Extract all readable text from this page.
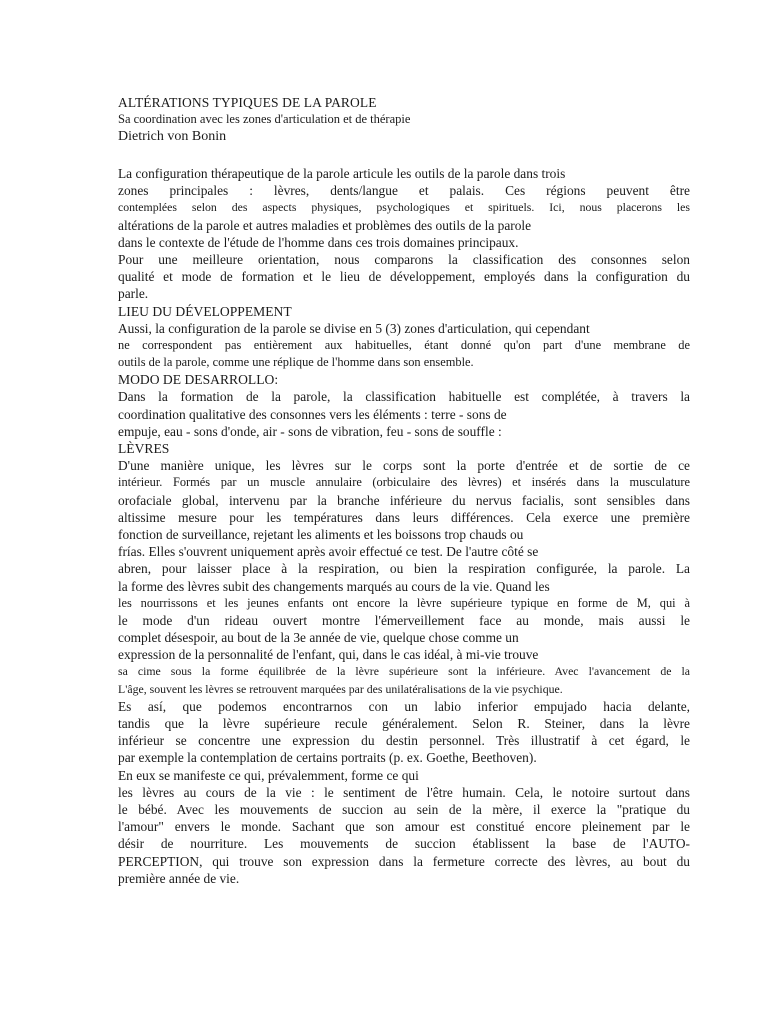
ALTÉRATIONS TYPIQUES DE LA PAROLE

Sa coordination avec les zones d'articulation et de thérapie

Dietrich von Bonin

La configuration thérapeutique de la parole articule les outils de la parole dans trois
zones principales : lèvres, dents/langue et palais. Ces régions peuvent être
contemplées selon des aspects physiques, psychologiques et spirituels. Ici, nous placerons les
altérations de la parole et autres maladies et problèmes des outils de la parole
dans le contexte de l'étude de l'homme dans ces trois domaines principaux.
Pour une meilleure orientation, nous comparons la classification des consonnes selon
qualité et mode de formation et le lieu de développement, employés dans la configuration du
parle.
LIEU DU DÉVELOPPEMENT
Aussi, la configuration de la parole se divise en 5 (3) zones d'articulation, qui cependant
ne correspondent pas entièrement aux habituelles, étant donné qu'on part d'une membrane de
outils de la parole, comme une réplique de l'homme dans son ensemble.
MODO DE DESARROLLO:
Dans la formation de la parole, la classification habituelle est complétée, à travers la
coordination qualitative des consonnes vers les éléments : terre - sons de
empuje, eau - sons d'onde, air - sons de vibration, feu - sons de souffle :
LÈVRES
D'une manière unique, les lèvres sur le corps sont la porte d'entrée et de sortie de ce
intérieur. Formés par un muscle annulaire (orbiculaire des lèvres) et insérés dans la musculature
orofaciale global, intervenu par la branche inférieure du nervus facialis, sont sensibles dans
altissime mesure pour les températures dans leurs différences. Cela exerce une première
fonction de surveillance, rejetant les aliments et les boissons trop chauds ou
frías. Elles s'ouvrent uniquement après avoir effectué ce test. De l'autre côté se
abren, pour laisser place à la respiration, ou bien la respiration configurée, la parole. La
la forme des lèvres subit des changements marqués au cours de la vie. Quand les
les nourrissons et les jeunes enfants ont encore la lèvre supérieure typique en forme de M, qui à
le mode d'un rideau ouvert montre l'émerveillement face au monde, mais aussi le
complet désespoir, au bout de la 3e année de vie, quelque chose comme un
expression de la personnalité de l'enfant, qui, dans le cas idéal, à mi-vie trouve
sa cime sous la forme équilibrée de la lèvre supérieure sont la inférieure. Avec l'avancement de la
L'âge, souvent les lèvres se retrouvent marquées par des unilatéralisations de la vie psychique.
Es así, que podemos encontrarnos con un labio inferior empujado hacia delante,
tandis que la lèvre supérieure recule généralement. Selon R. Steiner, dans la lèvre
inférieur se concentre une expression du destin personnel. Très illustratif à cet égard, le
par exemple la contemplation de certains portraits (p. ex. Goethe, Beethoven).
En eux se manifeste ce qui, prévalemment, forme ce qui
les lèvres au cours de la vie : le sentiment de l'être humain. Cela, le notoire surtout dans
le bébé. Avec les mouvements de succion au sein de la mère, il exerce la "pratique du
l'amour" envers le monde. Sachant que son amour est constitué encore pleinement par le
désir de nourriture. Les mouvements de succion établissent la base de l'AUTO-
PERCEPTION, qui trouve son expression dans la fermeture correcte des lèvres, au bout du
première année de vie.
